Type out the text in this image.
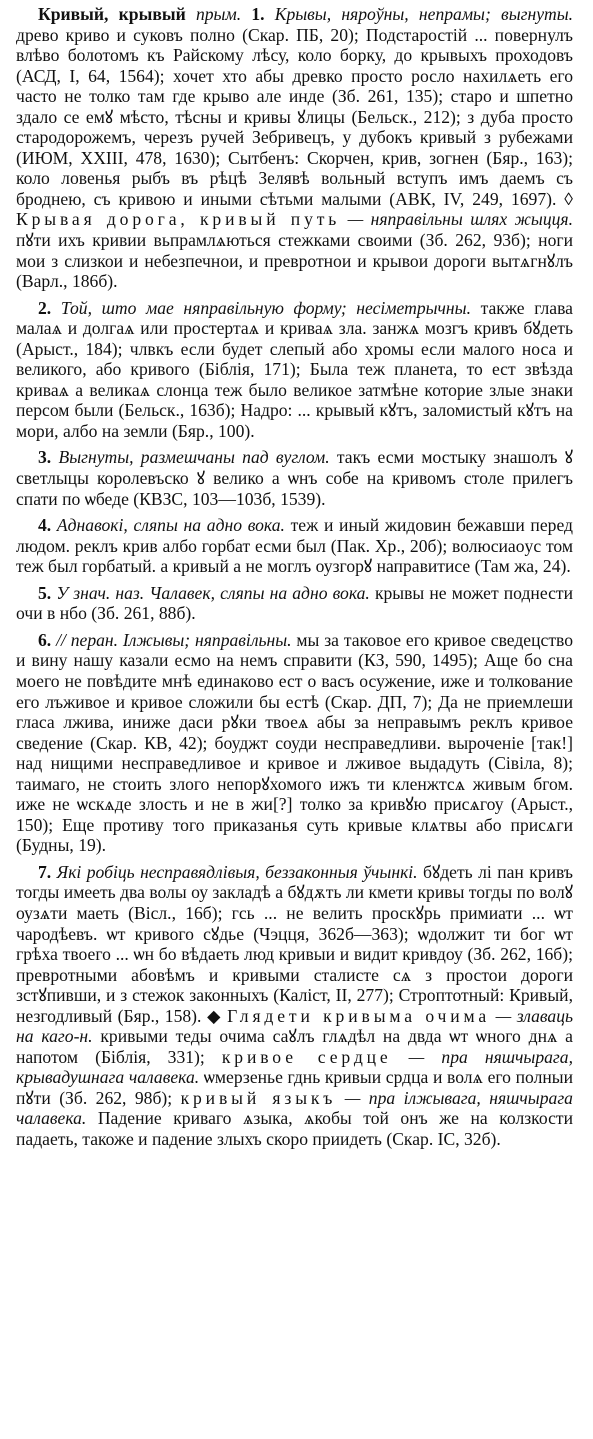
Кривый, крывый прым. 1. Крывы, няроўны, непрамы; выгнуты. древо криво и суковъ полно (Скар. ПБ, 20); Подстаростій ... повернулъ влѣво болотомъ къ Райскому лѣсу, коло борку, до крывыхъ проходовъ (АСД, I, 64, 1564); хочет хто абы древко просто росло нахилѧеть его часто не толко там где крыво але инде (Зб. 261, 135); старо и шпетно здало се емꙋ мѣсто, тѣсны и кривы ꙋлицы (Бельск., 212); з дуба просто стародорожемъ, черезъ ручей Зебривецъ, у дубокъ кривый з рубежами (ИЮМ, XXIII, 478, 1630); Сытбенъ: Скорчен, крив, зогнен (Бяр., 163); коло ловенья рыбъ въ рѣцѣ Зелявѣ вольный вступъ имъ даемъ съ броднею, съ кривою и иными сѣтьми малыми (АВК, IV, 249, 1697). ◊ Крывая дорога, кривый путь — няправільны шлях жыцця. пꙋти ихъ кривии вьпрамлѧються стежками своими (Зб. 262, 93б); ноги мои з слизкои и небезпечнои, и превротнои и крывои дороги вытѧгнꙋлъ (Варл., 186б).

2. Той, што мае няправільную форму; несіметрычны. также глава малаѧ и долгаѧ или простертаѧ и криваѧ зла. занжѧ мозгъ кривъ бꙋдеть (Арыст., 184); члвкъ если будет слепый або хромы если малого носа и великого, або кривого (Біблія, 171); Была теж планета, то ест звѣзда криваѧ а великаѧ слонца теж было великое затмѣне которие злые знаки персом были (Бельск., 163б); Надро: ... крывый кꙋтъ, заломистый кꙋтъ на мори, албо на земли (Бяр., 100).

3. Выгнуты, размешчаны пад вуглом. такъ есми мостыку знашолъ ꙋ светлыцы королевъско ꙋ велико а ѡнъ собе на кривомъ столе прилегъ спати по ѡбеде (КВЗС, 103—103б, 1539).

4. Аднавокі, сляпы на адно вока. теж и иный жидовин бежавши перед людом. реклъ крив албо горбат есми был (Пак. Хр., 20б); волюсиаoус том теж был горбатый. а кривый а не моглъ оузгорꙋ направитисе (Там жа, 24).

5. У знач. наз. Чалавек, сляпы на адно вока. крывы не может поднести очи в нбо (Зб. 261, 88б).

6. // перан. Ілжывы; няправільны. мы за таковое его кривое сведецство и вину нашу казали есмо на немъ справити (КЗ, 590, 1495); Аще бо сна моего не повѣдите мнѣ единаково ест о васъ осужение, иже и толкование его лъживое и кривое сложили бы естѣ (Скар. ДП, 7); Да не приемлеши гласа лжива, иниже даси рꙋки твоеѧ абы за неправымъ реклъ кривое сведение (Скар. КВ, 42); боуджт соуди несправедливи. выроченіе [так!] над нищими несправедливое и кривое и лживое выдадуть (Сівіла, 8); таимаго, не стоить злого непорꙋхомого ижъ ти кленжтсѧ живым бгом. иже не ѡскѧде злость и не в жи[?] толко за кривꙋю присѧгоу (Арыст., 150); Еще противу того приказанья суть кривые клѧтвы або присѧги (Будны, 19).

7. Які робіць несправядлівыя, беззаконныя ўчынкі. бꙋдеть лі пан кривъ тогды имееть два волы оу закладѣ а бꙋдѫть ли кмети кривы тогды по волꙋ оузѧти маеть (Віcл., 16б); гсь ... не велить проскꙋрь примиати ... ѡт чародѣевъ. ѡт кривого сꙋдье (Чэцця, 362б—363); ѡдолжит ти бог ѡт грѣха твоего ... ѡн бо вѣдаеть люд кривыи и видит кривдоу (Зб. 262, 16б); превротными абовѣмъ и кривыми сталисте сѧ з простои дороги зстꙋпивши, и з стежок законныхъ (Каліст, II, 277); Строптотный: Кривый, незгодливый (Бяр., 158). ◆ Глядети кривыма очима — злаваць на каго-н. кривыми теды очима саꙋлъ глѧдѣл на двда ѡт ѡного днѧ а напотом (Біблія, 331); кривое сердце — пра няшчырага, крывадушнага чалавека. ѡмерзенье гднь кривыи срдца и волѧ его полныи пꙋти (Зб. 262, 98б); кривый языкъ — пра ілжывага, няшчырага чалавека. Падение криваго ѧзыка, ѧкобы той онъ же на колзкости падаеть, такоже и падение злыхъ скоро приидеть (Скар. IC, 32б).
